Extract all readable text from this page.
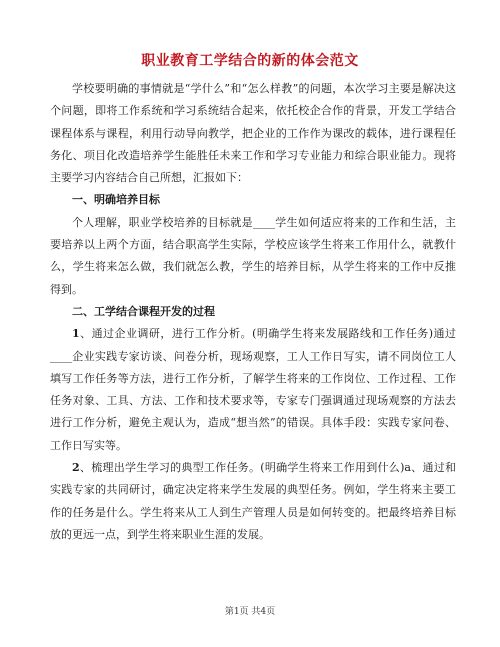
职业教育工学结合的新的体会范文

学校要明确的事情就是“学什么”和“怎么样教”的问题，本次学习主要是解决这个问题，即将工作系统和学习系统结合起来，依托校企合作的背景，开发工学结合课程体系与课程，利用行动导向教学，把企业的工作作为课改的载体，进行课程任务化、项目化改造培养学生能胜任未来工作和学习专业能力和综合职业能力。现将主要学习内容结合自己所想，汇报如下：

一、明确培养目标

个人理解，职业学校培养的目标就是____学生如何适应将来的工作和生活，主要培养以上两个方面，结合职高学生实际，学校应该学生将来工作用什么，就教什么，学生将来怎么做，我们就怎么教，学生的培养目标，从学生将来的工作中反推得到。

二、工学结合课程开发的过程

1、通过企业调研，进行工作分析。(明确学生将来发展路线和工作任务)通过____企业实践专家访谈、问卷分析，现场观察，工人工作日写实，请不同岗位工人填写工作任务等方法，进行工作分析，了解学生将来的工作岗位、工作过程、工作任务对象、工具、方法、工作和技术要求等，专家专门强调通过现场观察的方法去进行工作分析，避免主观认为，造成“想当然”的错误。具体手段：实践专家问卷、工作日写实等。

2、梳理出学生学习的典型工作任务。(明确学生将来工作用到什么)a、通过和实践专家的共同研讨，确定决定将来学生发展的典型任务。例如，学生将来主要工作的任务是什么。学生将来从工人到生产管理人员是如何转变的。把最终培养目标放的更远一点，到学生将来职业生涯的发展。

第1页 共4页
